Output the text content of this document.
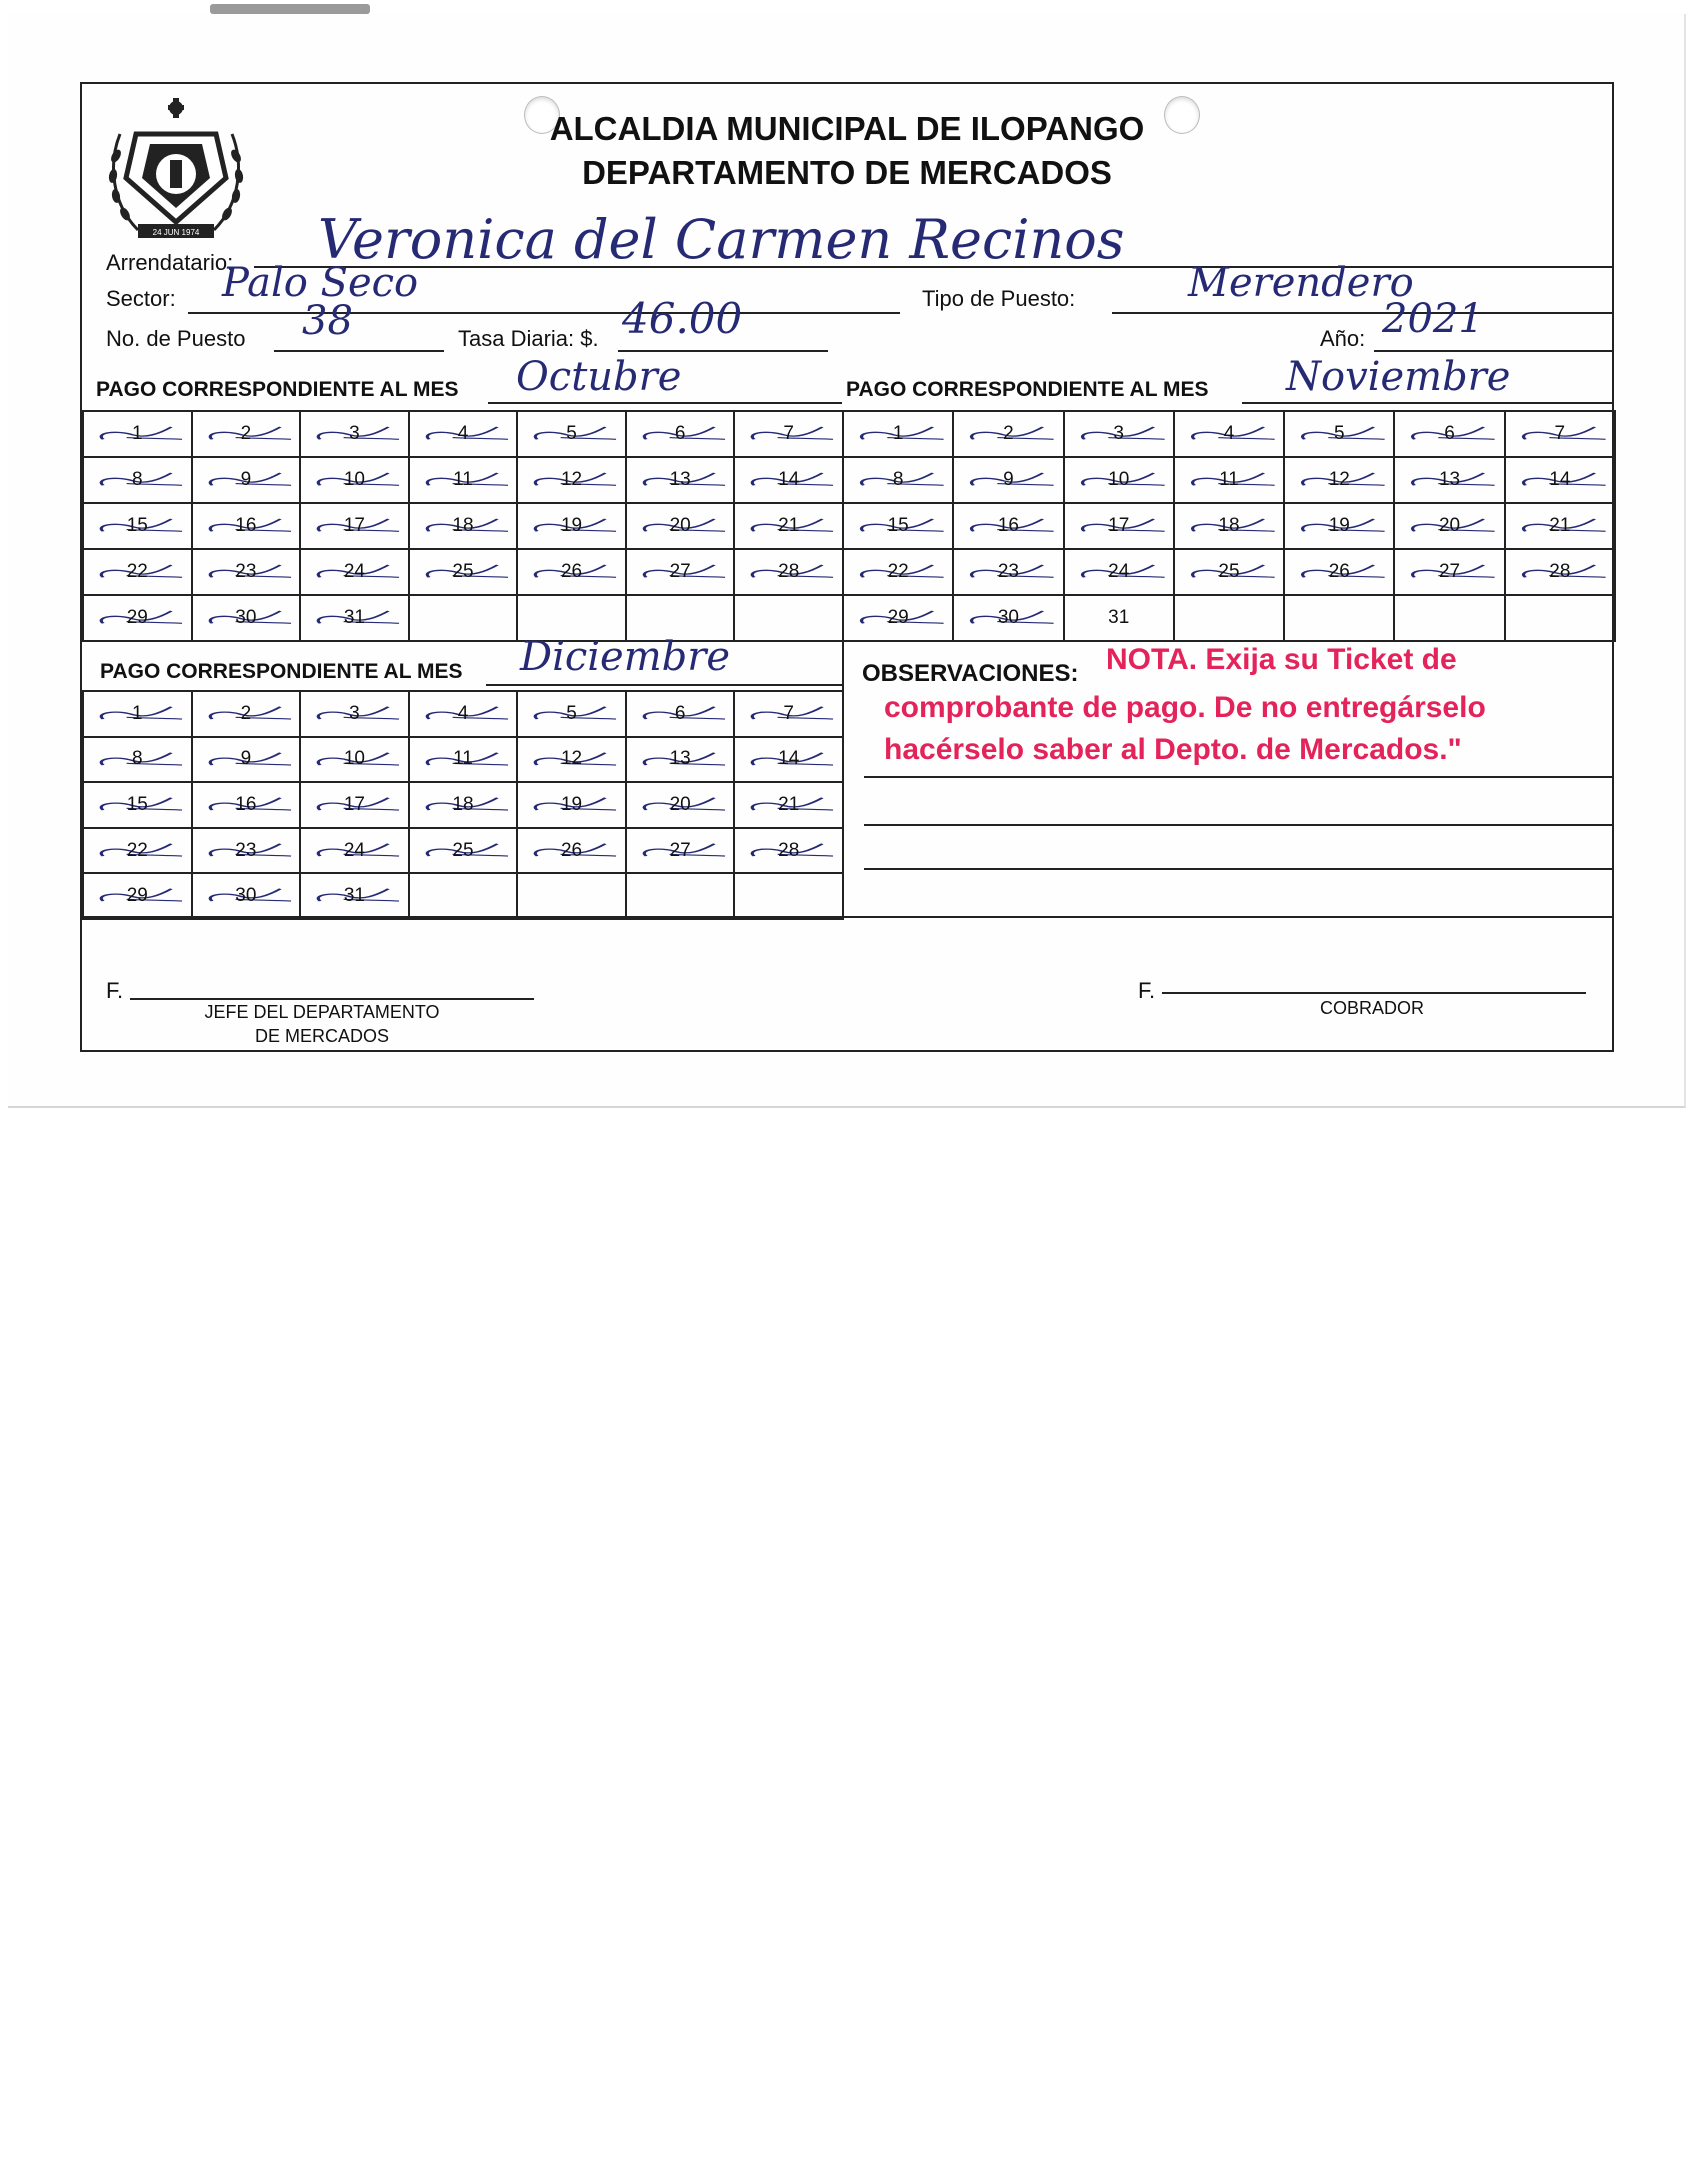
24 JUN 1974
ALCALDIA MUNICIPAL DE ILOPANGO
DEPARTAMENTO DE MERCADOS
Arrendatario: Veronica del Carmen Recinos
Sector: Palo Seco	Tipo de Puesto:	Merendero
No. de Puesto 38	Tasa Diaria: $. 46.00	Año: 2021
PAGO CORRESPONDIENTE AL MES Octubre	PAGO CORRESPONDIENTE AL MES Noviembre
1	2	3	4	5	6	7
8	9	10	11	12	13	14
15	16	17	18	19	20	21
22	23	24	25	26	27	28
29	30	31
1	2	3	4	5	6	7
8	9	10	11	12	13	14
15	16	17	18	19	20	21
22	23	24	25	26	27	28
29	30	31
PAGO CORRESPONDIENTE AL MES Diciembre
1	2	3	4	5	6	7
8	9	10	11	12	13	14
15	16	17	18	19	20	21
22	23	24	25	26	27	28
29	30	31
OBSERVACIONES: NOTA. Exija su Ticket de
comprobante de pago. De no entregárselo
hacérselo saber al Depto. de Mercados."
F.
JEFE DEL DEPARTAMENTO
DE MERCADOS
F.
COBRADOR
